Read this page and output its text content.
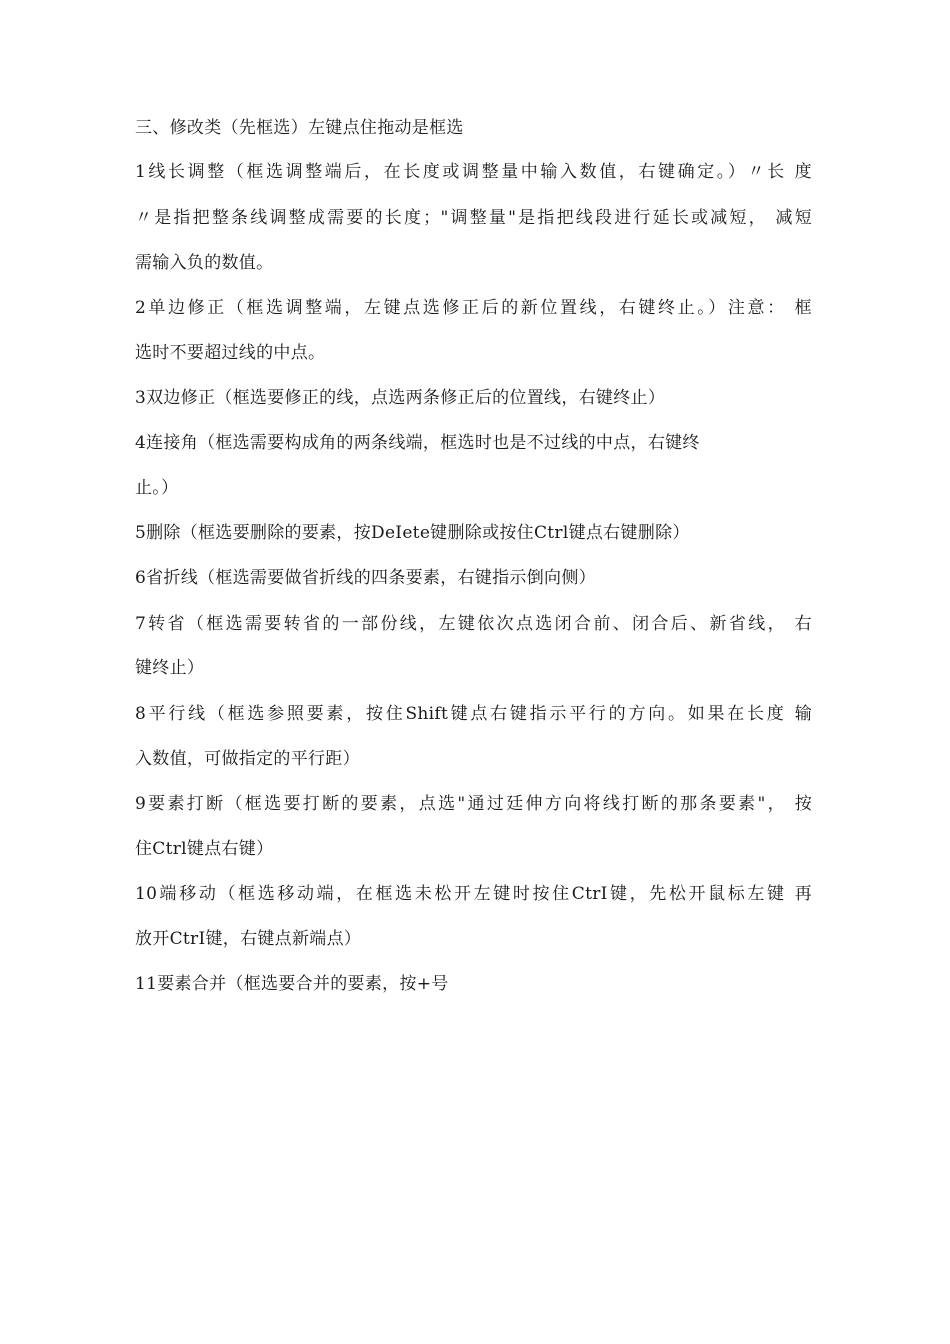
三、修改类（先框选）左键点住拖动是框选
1线长调整（框选调整端后，在长度或调整量中输入数值，右键确定。）〃长 度
〃是指把整条线调整成需要的长度；"调整量"是指把线段进行延长或减短， 减短
需输入负的数值。
2单边修正（框选调整端，左键点选修正后的新位置线，右键终止。）注意： 框
选时不要超过线的中点。
3双边修正（框选要修正的线，点选两条修正后的位置线，右键终止）
4连接角（框选需要构成角的两条线端，框选时也是不过线的中点，右键终
止。）
5删除（框选要删除的要素，按DeIete键删除或按住Ctrl键点右键删除）
6省折线（框选需要做省折线的四条要素，右键指示倒向侧）
7转省（框选需要转省的一部份线，左键依次点选闭合前、闭合后、新省线， 右
键终止）
8平行线（框选参照要素，按住Shift键点右键指示平行的方向。如果在长度 输
入数值，可做指定的平行距）
9要素打断（框选要打断的要素，点选"通过廷伸方向将线打断的那条要素"， 按
住Ctrl键点右键）
10端移动（框选移动端，在框选未松开左键时按住CtrI键，先松开鼠标左键 再
放开CtrI键，右键点新端点）
11要素合并（框选要合并的要素，按+号
